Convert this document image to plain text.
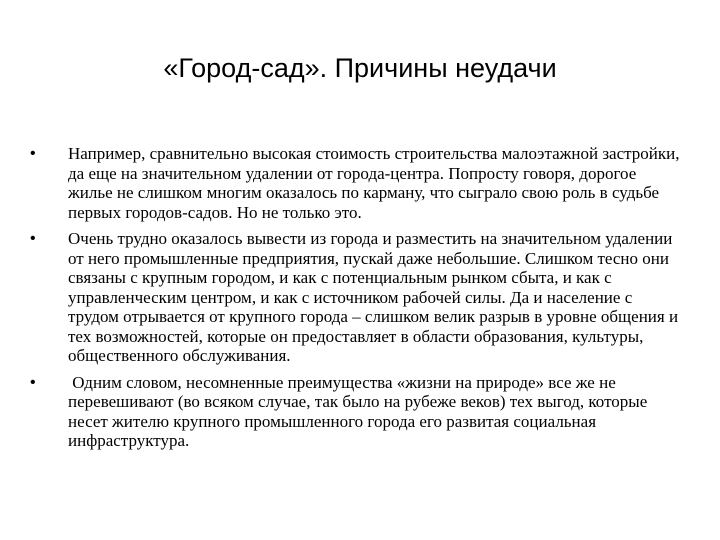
«Город-сад». Причины неудачи
•	Например, сравнительно высокая стоимость строительства малоэтажной застройки, да еще на значительном удалении от города-центра. Попросту говоря, дорогое жилье не слишком многим оказалось по карману, что сыграло свою роль в судьбе первых городов-садов. Но не только это.
•	Очень трудно оказалось вывести из города и разместить на значительном удалении от него промышленные предприятия, пускай даже небольшие. Слишком тесно они связаны с крупным городом, и как с потенциальным рынком сбыта, и как с управленческим центром, и как с источником рабочей силы. Да и население с трудом отрывается от крупного города – слишком велик разрыв в уровне общения и тех возможностей, которые он предоставляет в области образования, культуры, общественного обслуживания.
•	Одним словом, несомненные преимущества «жизни на природе» все же не перевешивают (во всяком случае, так было на рубеже веков) тех выгод, которые несет жителю крупного промышленного города его развитая социальная инфраструктура.
